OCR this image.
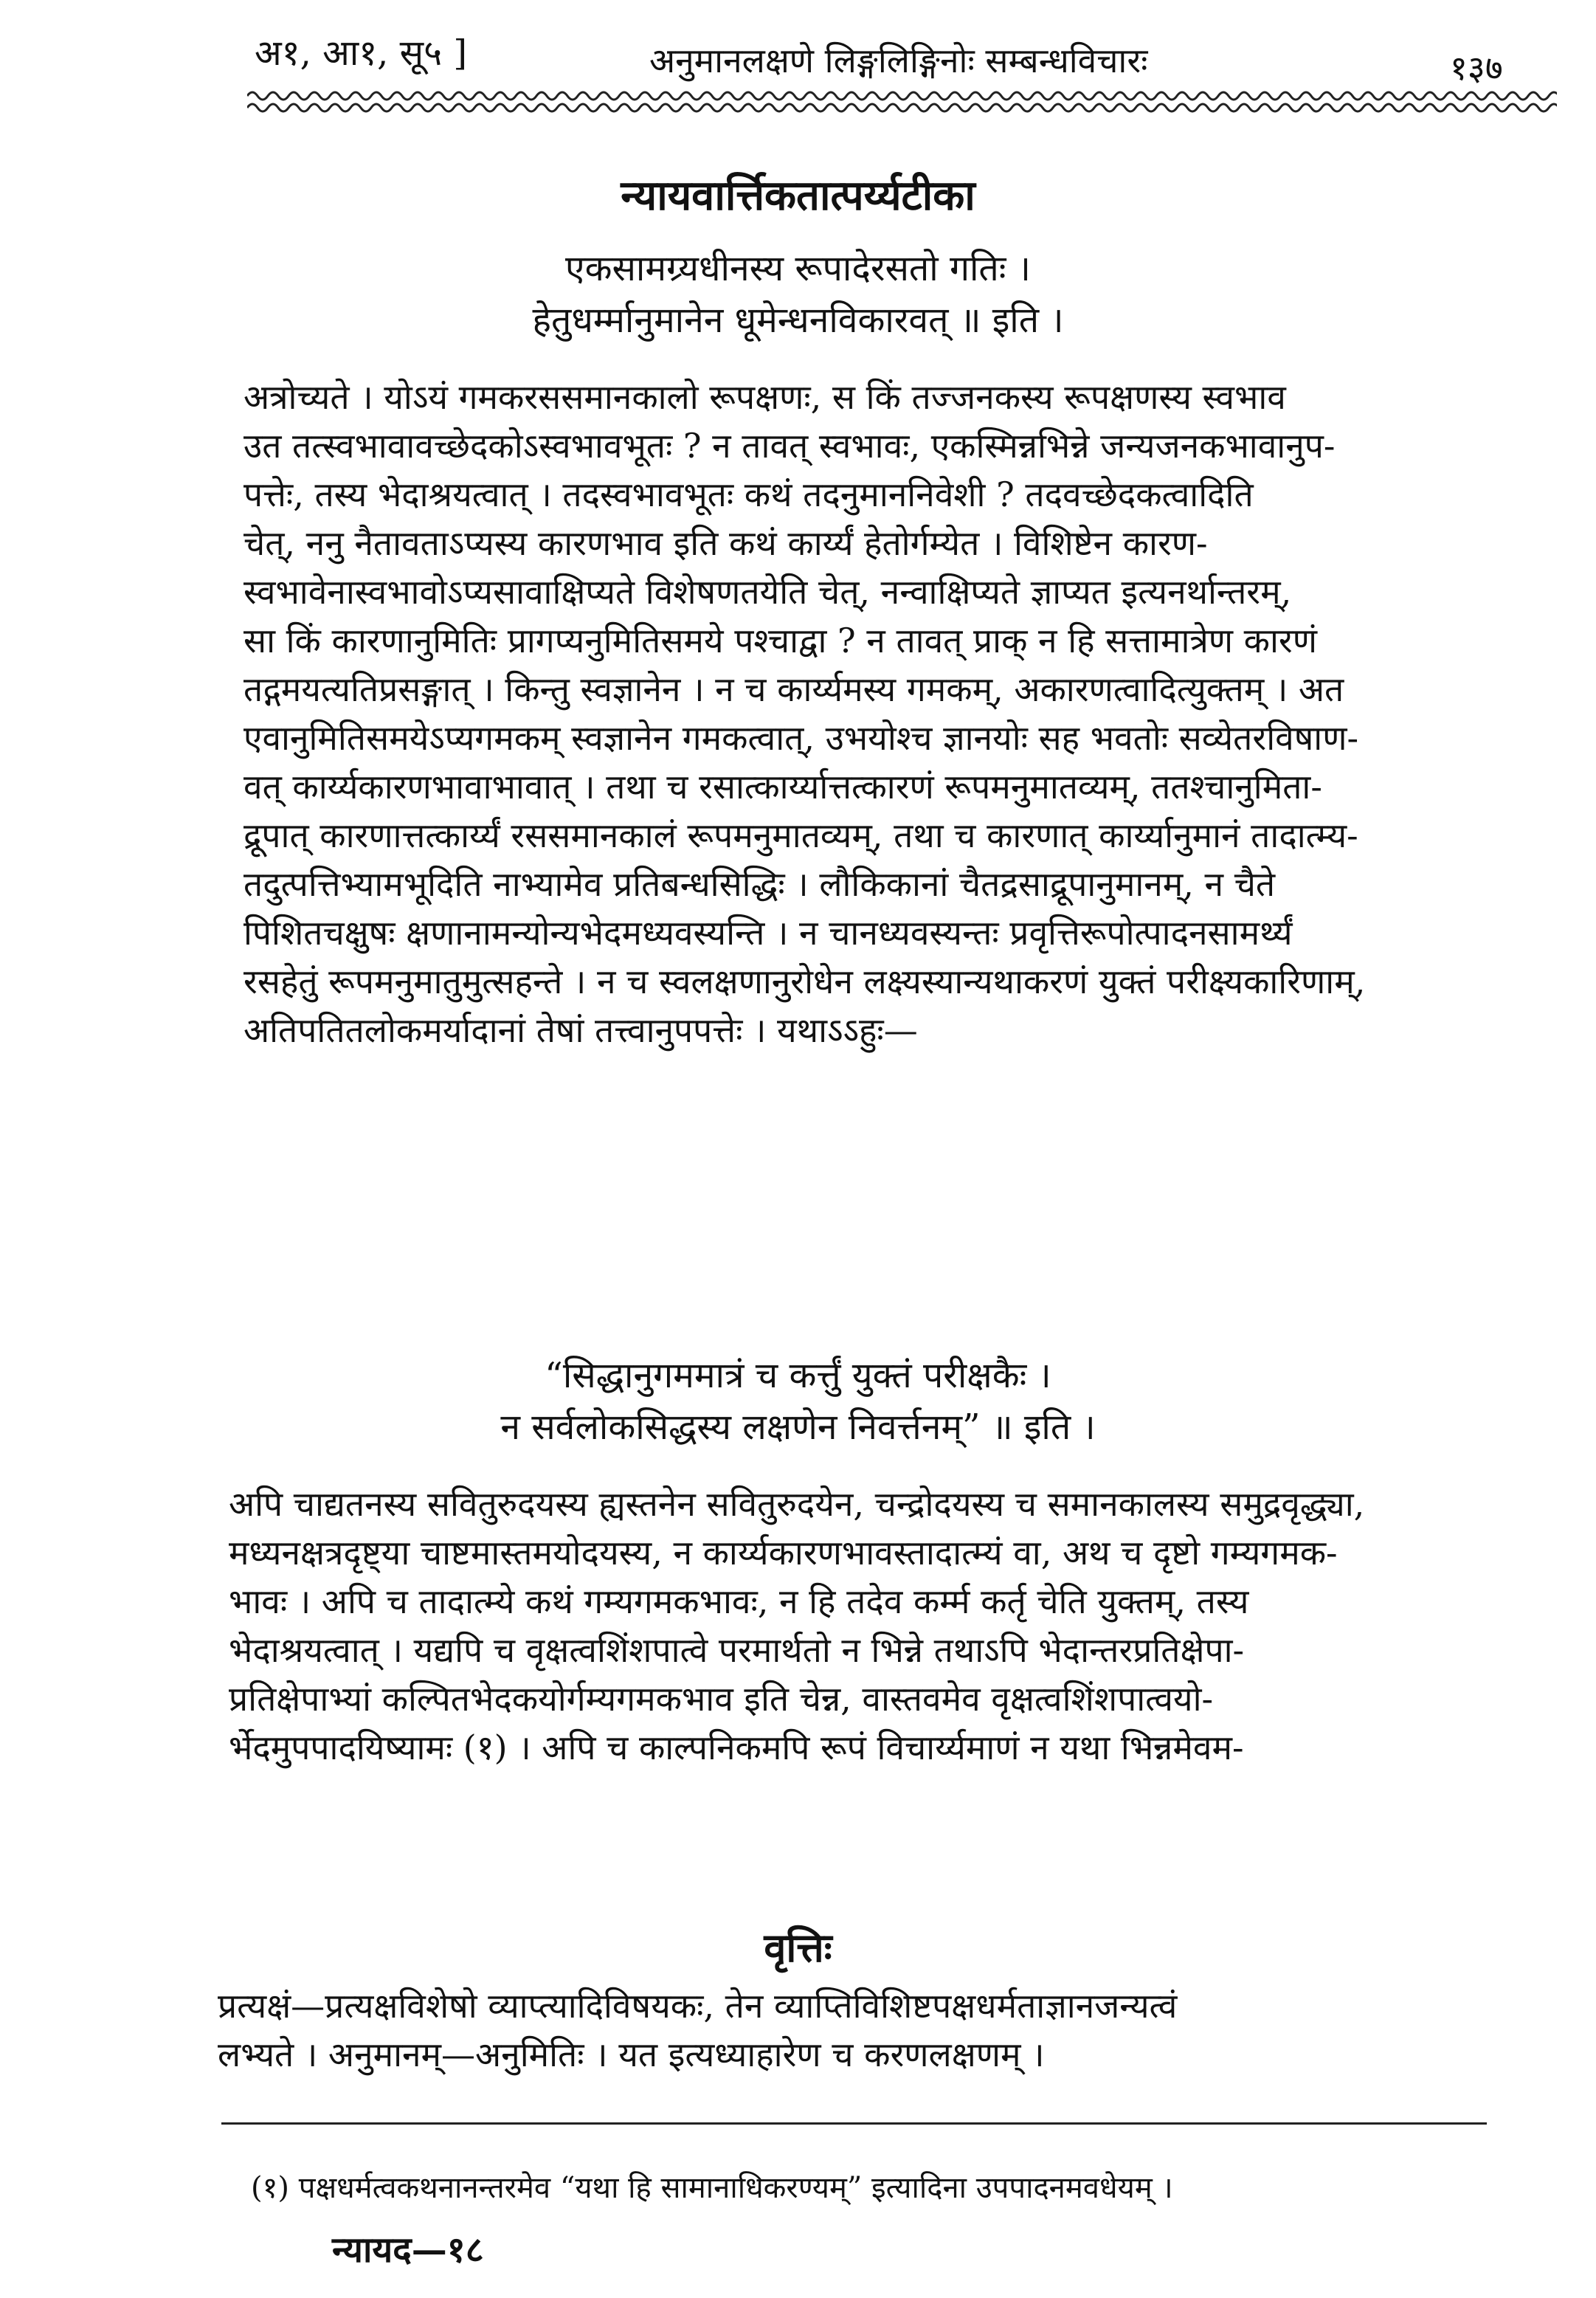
अ१, आ१, सू५ ]	अनुमानलक्षणे लिङ्गलिङ्गिनोः सम्बन्धविचारः	१३७
न्यायवार्त्तिकतात्पर्य्यटीका
एकसामग्र्यधीनस्य रूपादेरसतो गतिः ।
हेतुधर्म्मानुमानेन धूमेन्धनविकारवत् ॥ इति ।
अत्रोच्यते । योऽयं गमकरससमानकालो रूपक्षणः, स किं तज्जनकस्य रूपक्षणस्य स्वभाव
उत तत्स्वभावावच्छेदकोऽस्वभावभूतः ? न तावत् स्वभावः, एकस्मिन्नभिन्ने जन्यजनकभावानुप-
पत्तेः, तस्य भेदाश्रयत्वात् । तदस्वभावभूतः कथं तदनुमाननिवेशी ? तदवच्छेदकत्वादिति
चेत्, ननु नैतावताऽप्यस्य कारणभाव इति कथं कार्य्यं हेतोर्गम्येत । विशिष्टेन कारण-
स्वभावेनास्वभावोऽप्यसावाक्षिप्यते विशेषणतयेति चेत्, नन्वाक्षिप्यते ज्ञाप्यत इत्यनर्थान्तरम्,
सा किं कारणानुमितिः प्रागप्यनुमितिसमये पश्चाद्वा ? न तावत् प्राक् न हि सत्तामात्रेण कारणं
तद्गमयत्यतिप्रसङ्गात् । किन्तु स्वज्ञानेन । न च कार्य्यमस्य गमकम्, अकारणत्वादित्युक्तम् । अत
एवानुमितिसमयेऽप्यगमकम् स्वज्ञानेन गमकत्वात्, उभयोश्च ज्ञानयोः सह भवतोः सव्येतरविषाण-
वत् कार्य्यकारणभावाभावात् । तथा च रसात्कार्य्यात्तत्कारणं रूपमनुमातव्यम्, ततश्चानुमिता-
द्रूपात् कारणात्तत्कार्य्यं रससमानकालं रूपमनुमातव्यम्, तथा च कारणात् कार्य्यानुमानं तादात्म्य-
तदुत्पत्तिभ्यामभूदिति नाभ्यामेव प्रतिबन्धसिद्धिः । लौकिकानां चैतद्रसाद्रूपानुमानम्, न चैते
पिशितचक्षुषः क्षणानामन्योन्यभेदमध्यवस्यन्ति । न चानध्यवस्यन्तः प्रवृत्तिरूपोत्पादनसामर्थ्यं
रसहेतुं रूपमनुमातुमुत्सहन्ते । न च स्वलक्षणानुरोधेन लक्ष्यस्यान्यथाकरणं युक्तं परीक्ष्यकारिणाम्,
अतिपतितलोकमर्यादानां तेषां तत्त्वानुपपत्तेः । यथाऽऽहुः—
“सिद्धानुगममात्रं च कर्त्तुं युक्तं परीक्षकैः ।
न सर्वलोकसिद्धस्य लक्षणेन निवर्त्तनम्” ॥ इति ।
अपि चाद्यतनस्य सवितुरुदयस्य ह्यस्तनेन सवितुरुदयेन, चन्द्रोदयस्य च समानकालस्य समुद्रवृद्ध्या,
मध्यनक्षत्रदृष्ट्या चाष्टमास्तमयोदयस्य, न कार्य्यकारणभावस्तादात्म्यं वा, अथ च दृष्टो गम्यगमक-
भावः । अपि च तादात्म्ये कथं गम्यगमकभावः, न हि तदेव कर्म्म कर्तृ चेति युक्तम्, तस्य
भेदाश्रयत्वात् । यद्यपि च वृक्षत्वशिंशपात्वे परमार्थतो न भिन्ने तथाऽपि भेदान्तरप्रतिक्षेपा-
प्रतिक्षेपाभ्यां कल्पितभेदकयोर्गम्यगमकभाव इति चेन्न, वास्तवमेव वृक्षत्वशिंशपात्वयो-
र्भेदमुपपादयिष्यामः (१) । अपि च काल्पनिकमपि रूपं विचार्य्यमाणं न यथा भिन्नमेवम-
वृत्तिः
प्रत्यक्षं—प्रत्यक्षविशेषो व्याप्त्यादिविषयकः, तेन व्याप्तिविशिष्टपक्षधर्मताज्ञानजन्यत्वं
लभ्यते । अनुमानम्—अनुमितिः । यत इत्यध्याहारेण च करणलक्षणम् ।
(१) पक्षधर्मत्वकथनानन्तरमेव “यथा हि सामानाधिकरण्यम्” इत्यादिना उपपादनमवधेयम् ।
न्यायद—१८
